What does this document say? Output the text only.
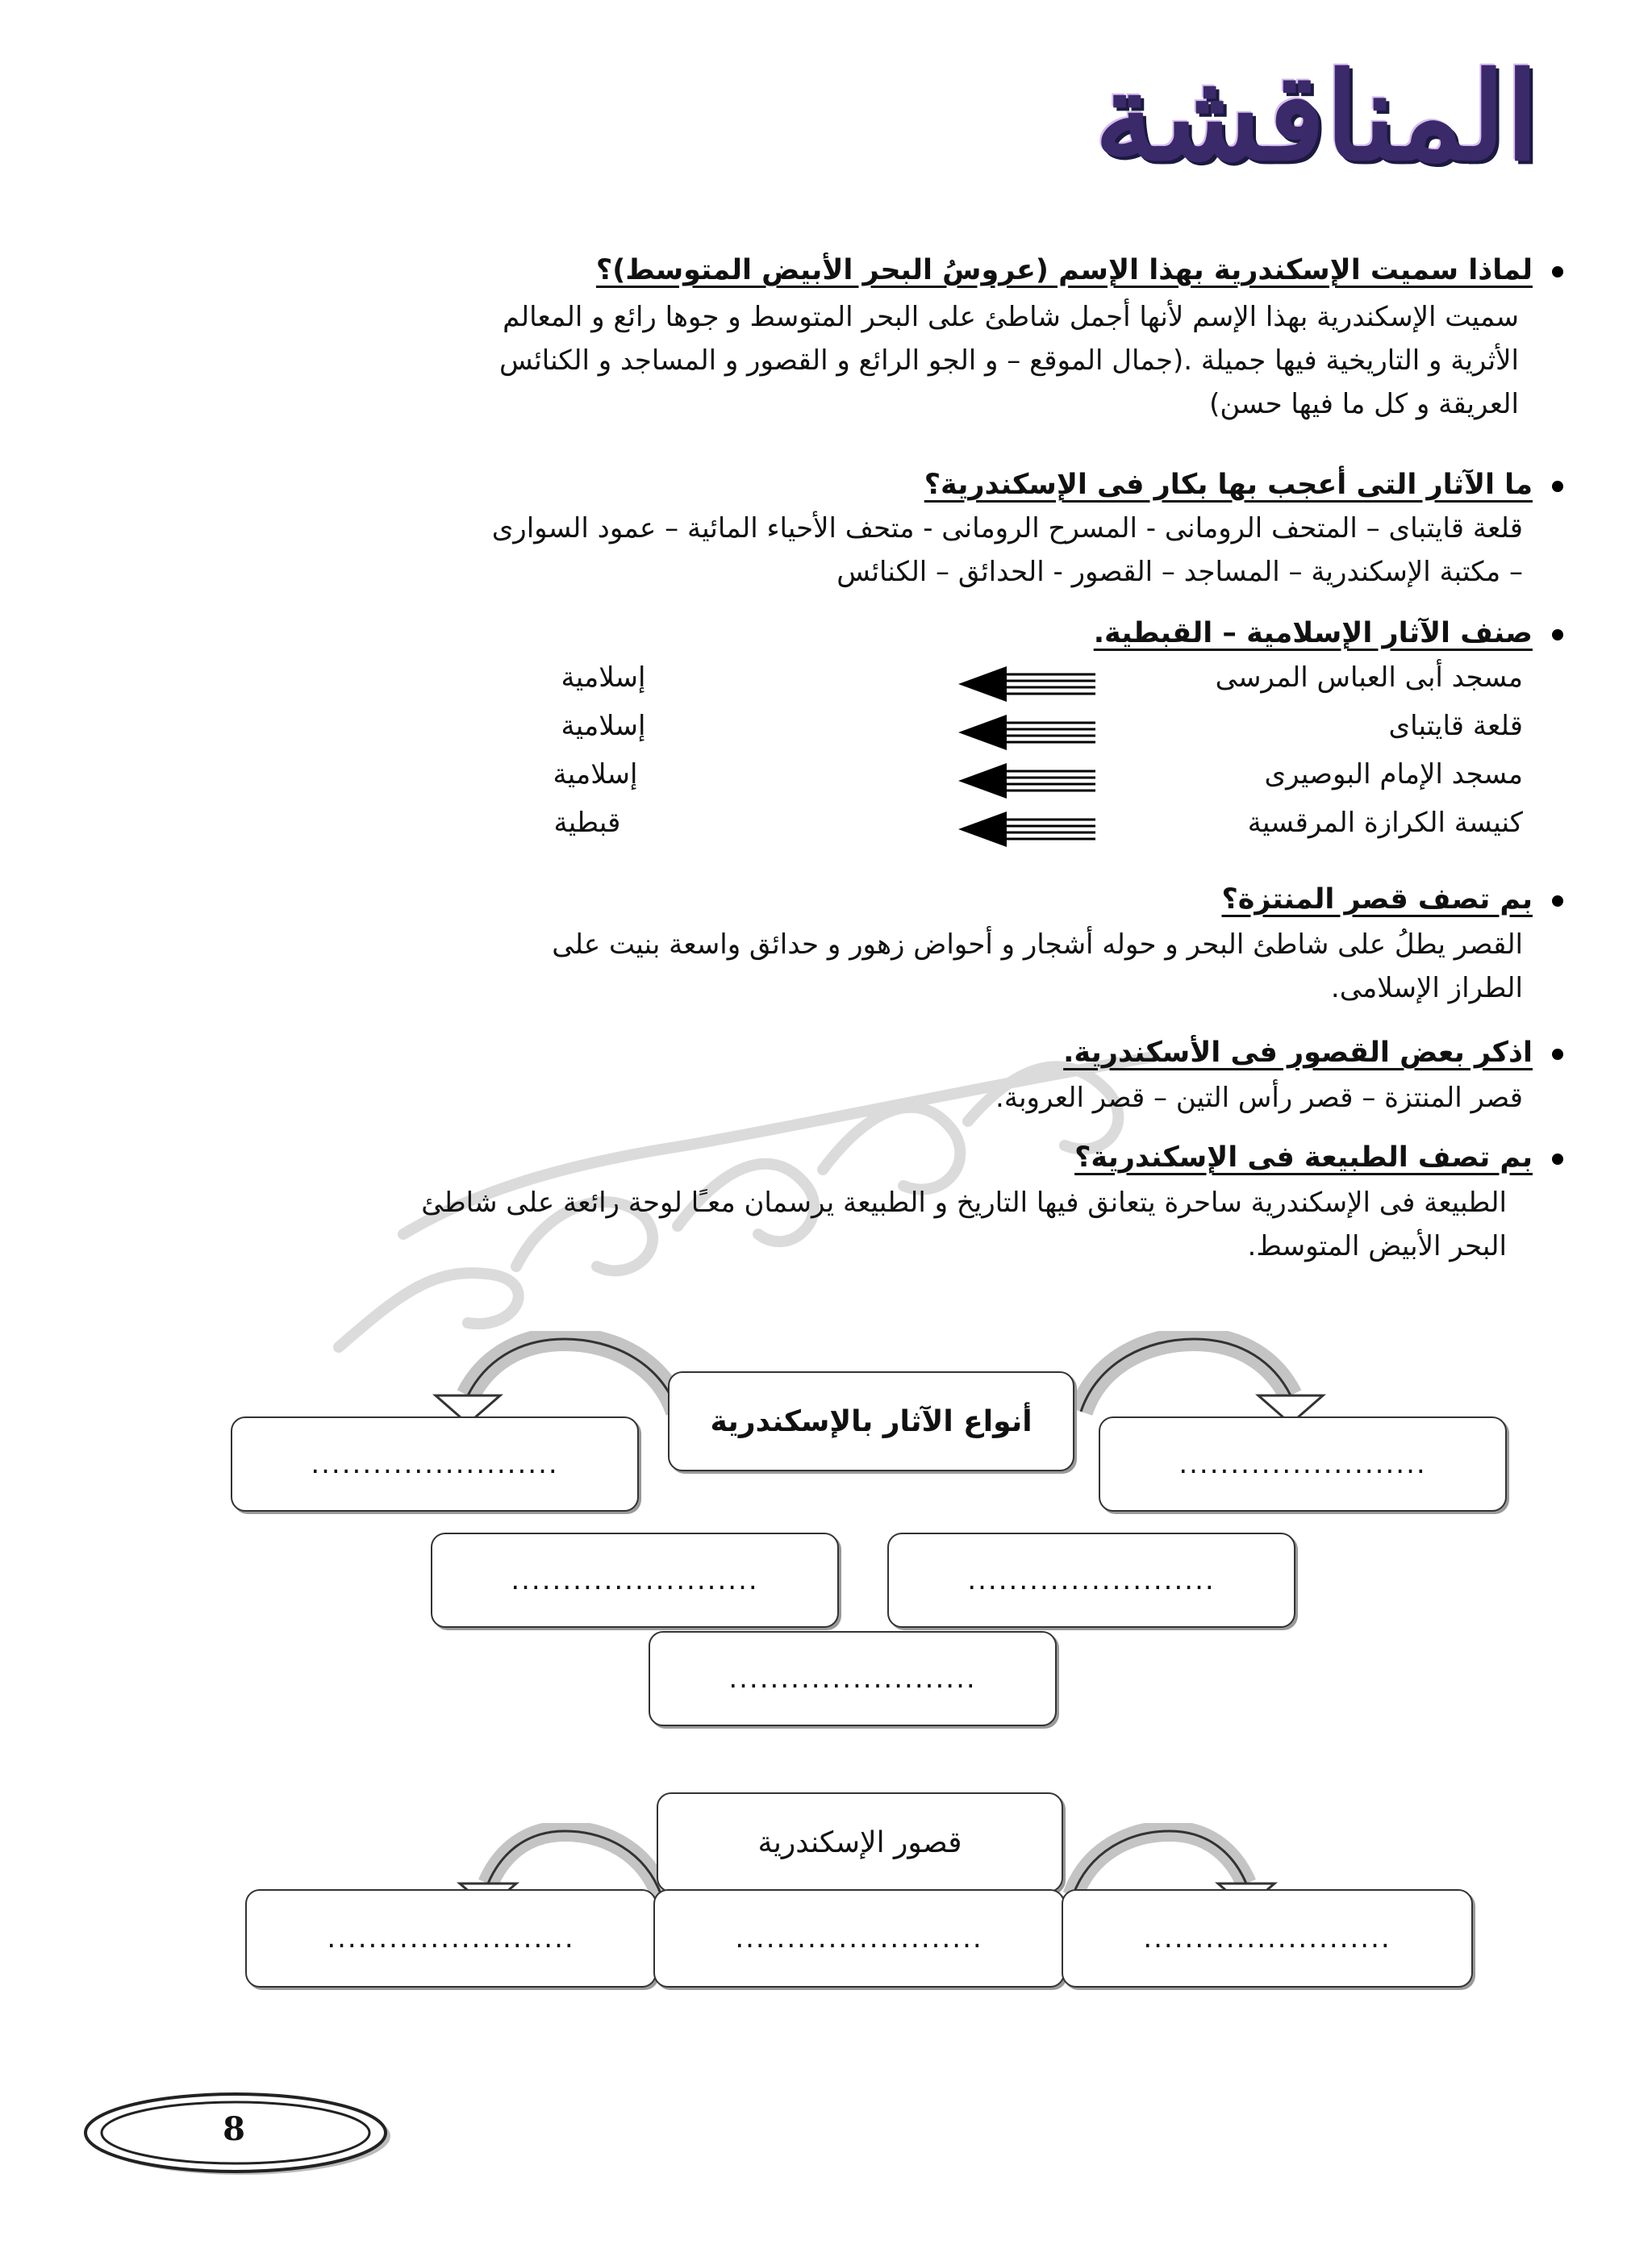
المناقشة
لماذا سميت الإسكندرية بهذا الإسم (عروسُ البحر الأبيض المتوسط)؟

سميت الإسكندرية بهذا الإسم لأنها أجمل شاطئ على البحر المتوسط و جوها رائع و المعالم

الأثرية و التاريخية فيها جميلة .(جمال الموقع – و الجو الرائع و القصور و المساجد و الكنائس

العريقة و كل ما فيها حسن)

ما الآثار التى أعجب بها بكار فى الإسكندرية؟

قلعة قايتباى – المتحف الرومانى - المسرح الرومانى - متحف الأحياء المائية – عمود السوارى

– مكتبة الإسكندرية – المساجد – القصور - الحدائق – الكنائس

صنف الآثار الإسلامية – القبطية.
مسجد أبى العباس المرسى
إسلامية
قلعة قايتباى
إسلامية
مسجد الإمام البوصيرى
إسلامية
كنيسة الكرازة المرقسية
قبطية
بم تصف قصر المنتزة؟

القصر يطلُ على شاطئ البحر و حوله أشجار و أحواض زهور و حدائق واسعة بنيت على

الطراز الإسلامى.

اذكر بعض القصور فى الأسكندرية.

قصر المنتزة – قصر رأس التين – قصر العروبة.

بم تصف الطبيعة فى الإسكندرية؟

الطبيعة فى الإسكندرية ساحرة يتعانق فيها التاريخ و الطبيعة يرسمان معـًا لوحة رائعة على شاطئ

البحر الأبيض المتوسط.

أنواع الآثار بالإسكندرية
........................	........................
........................	........................
........................
قصور الإسكندرية
........................	........................	........................
8
